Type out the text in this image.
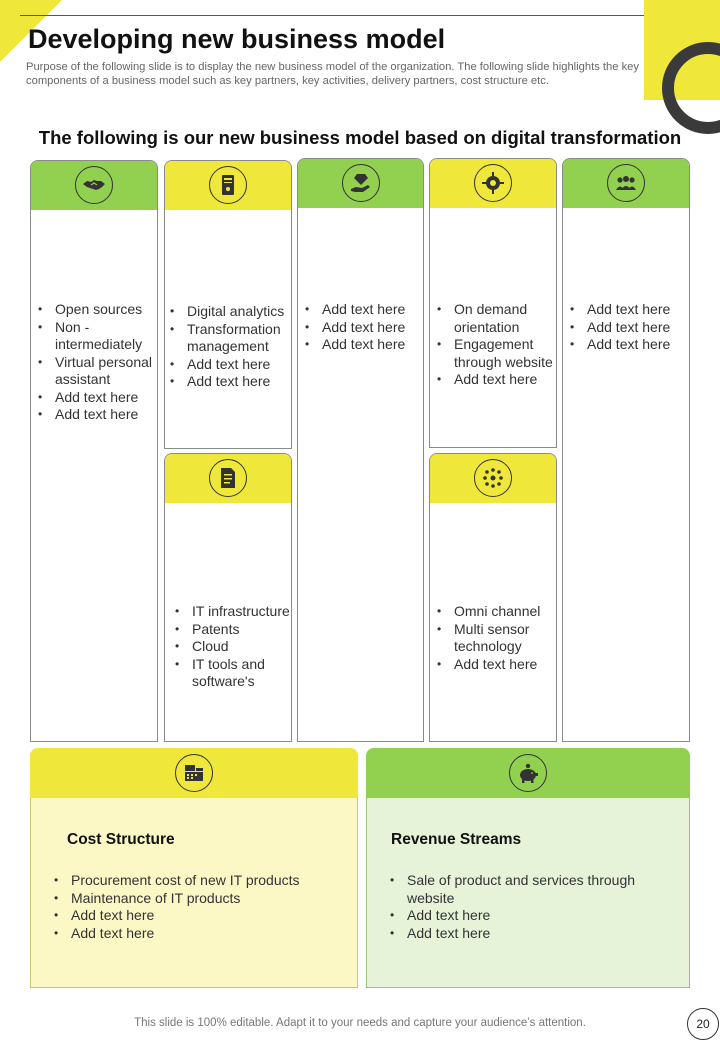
Developing new business model
Purpose of the following slide is to display the new business model of the organization. The following slide highlights the key components of a business model such as key partners, key activities, delivery partners, cost structure etc.
The following is our new business model based on digital transformation
• Open sources
• Non - intermediately
• Virtual personal assistant
• Add text here
• Add text here
• Digital analytics
• Transformation management
• Add text here
• Add text here
• IT infrastructure
• Patents
• Cloud
• IT tools and software's
• Add text here
• Add text here
• Add text here
• On demand orientation
• Engagement through website
• Add text here
• Omni channel
• Multi sensor technology
• Add text here
• Add text here
• Add text here
• Add text here
Cost Structure
• Procurement cost of new IT products
• Maintenance of IT products
• Add text here
• Add text here
Revenue Streams
• Sale of product and services through website
• Add text here
• Add text here
This slide is 100% editable. Adapt it to your needs and capture your audience’s attention.	20
